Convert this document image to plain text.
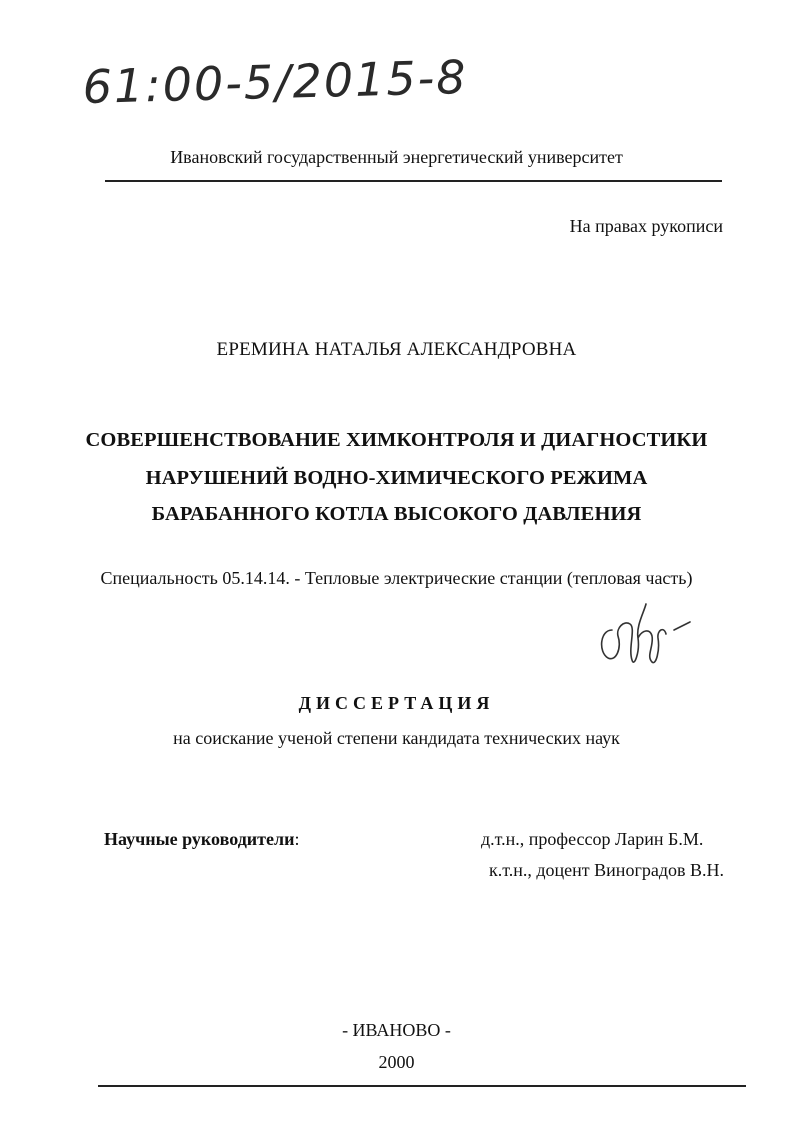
61:00-5/2015-8
Ивановский государственный энергетический университет
На правах рукописи
ЕРЕМИНА НАТАЛЬЯ АЛЕКСАНДРОВНА
СОВЕРШЕНСТВОВАНИЕ ХИМКОНТРОЛЯ И ДИАГНОСТИКИ
НАРУШЕНИЙ ВОДНО-ХИМИЧЕСКОГО РЕЖИМА
БАРАБАННОГО КОТЛА ВЫСОКОГО ДАВЛЕНИЯ
Специальность 05.14.14. - Тепловые электрические станции (тепловая часть)
ДИССЕРТАЦИЯ
на соискание ученой степени кандидата технических наук
Научные руководители:	д.т.н., профессор Ларин Б.М.
к.т.н., доцент Виноградов В.Н.
- ИВАНОВО -
2000
